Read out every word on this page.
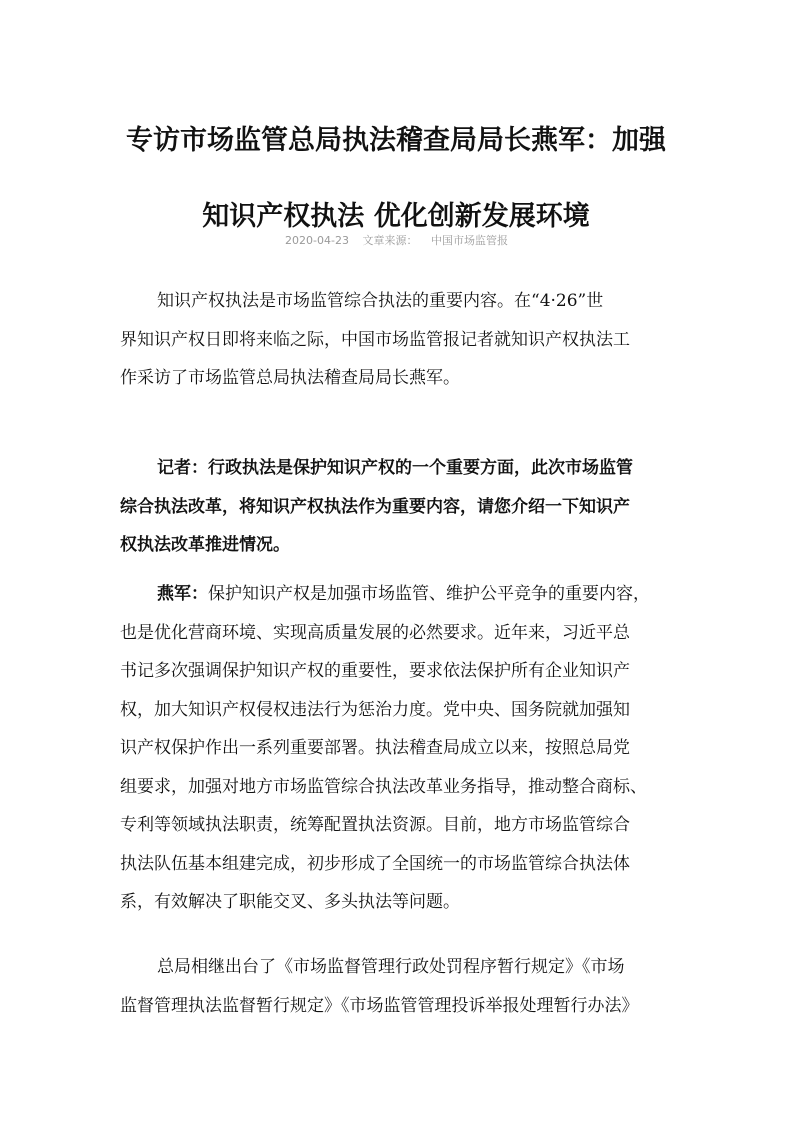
专访市场监管总局执法稽查局局长燕军：加强
知识产权执法 优化创新发展环境
2020-04-23 文章来源： 中国市场监管报

知识产权执法是市场监管综合执法的重要内容。在“4·26”世
界知识产权日即将来临之际，中国市场监管报记者就知识产权执法工
作采访了市场监管总局执法稽查局局长燕军。

记者：行政执法是保护知识产权的一个重要方面，此次市场监管
综合执法改革，将知识产权执法作为重要内容，请您介绍一下知识产
权执法改革推进情况。

燕军：保护知识产权是加强市场监管、维护公平竞争的重要内容，
也是优化营商环境、实现高质量发展的必然要求。近年来，习近平总
书记多次强调保护知识产权的重要性，要求依法保护所有企业知识产
权，加大知识产权侵权违法行为惩治力度。党中央、国务院就加强知
识产权保护作出一系列重要部署。执法稽查局成立以来，按照总局党
组要求，加强对地方市场监管综合执法改革业务指导，推动整合商标、
专利等领域执法职责，统筹配置执法资源。目前，地方市场监管综合
执法队伍基本组建完成，初步形成了全国统一的市场监管综合执法体
系，有效解决了职能交叉、多头执法等问题。

总局相继出台了《市场监督管理行政处罚程序暂行规定》《市场
监督管理执法监督暂行规定》《市场监管管理投诉举报处理暂行办法》
